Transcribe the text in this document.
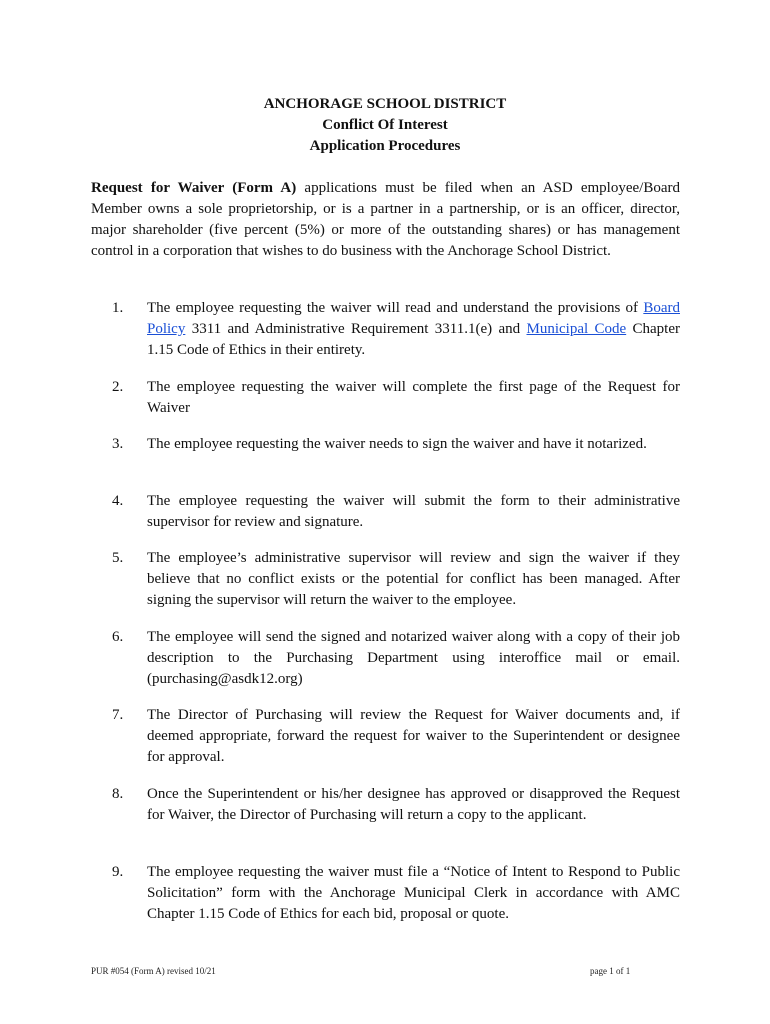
ANCHORAGE SCHOOL DISTRICT
Conflict Of Interest
Application Procedures
Request for Waiver (Form A) applications must be filed when an ASD employee/Board Member owns a sole proprietorship, or is a partner in a partnership, or is an officer, director, major shareholder (five percent (5%) or more of the outstanding shares) or has management control in a corporation that wishes to do business with the Anchorage School District.
1.	The employee requesting the waiver will read and understand the provisions of Board Policy 3311 and Administrative Requirement 3311.1(e) and Municipal Code Chapter 1.15 Code of Ethics in their entirety.
2.	The employee requesting the waiver will complete the first page of the Request for Waiver
3.	The employee requesting the waiver needs to sign the waiver and have it notarized.
4.	The employee requesting the waiver will submit the form to their administrative supervisor for review and signature.
5.	The employee’s administrative supervisor will review and sign the waiver if they believe that no conflict exists or the potential for conflict has been managed. After signing the supervisor will return the waiver to the employee.
6.	The employee will send the signed and notarized waiver along with a copy of their job description to the Purchasing Department using interoffice mail or email. (purchasing@asdk12.org)
7.	The Director of Purchasing will review the Request for Waiver documents and, if deemed appropriate, forward the request for waiver to the Superintendent or designee for approval.
8.	Once the Superintendent or his/her designee has approved or disapproved the Request for Waiver, the Director of Purchasing will return a copy to the applicant.
9.	The employee requesting the waiver must file a “Notice of Intent to Respond to Public Solicitation” form with the Anchorage Municipal Clerk in accordance with AMC Chapter 1.15 Code of Ethics for each bid, proposal or quote.
PUR #054 (Form A) revised 10/21	page 1 of 1
